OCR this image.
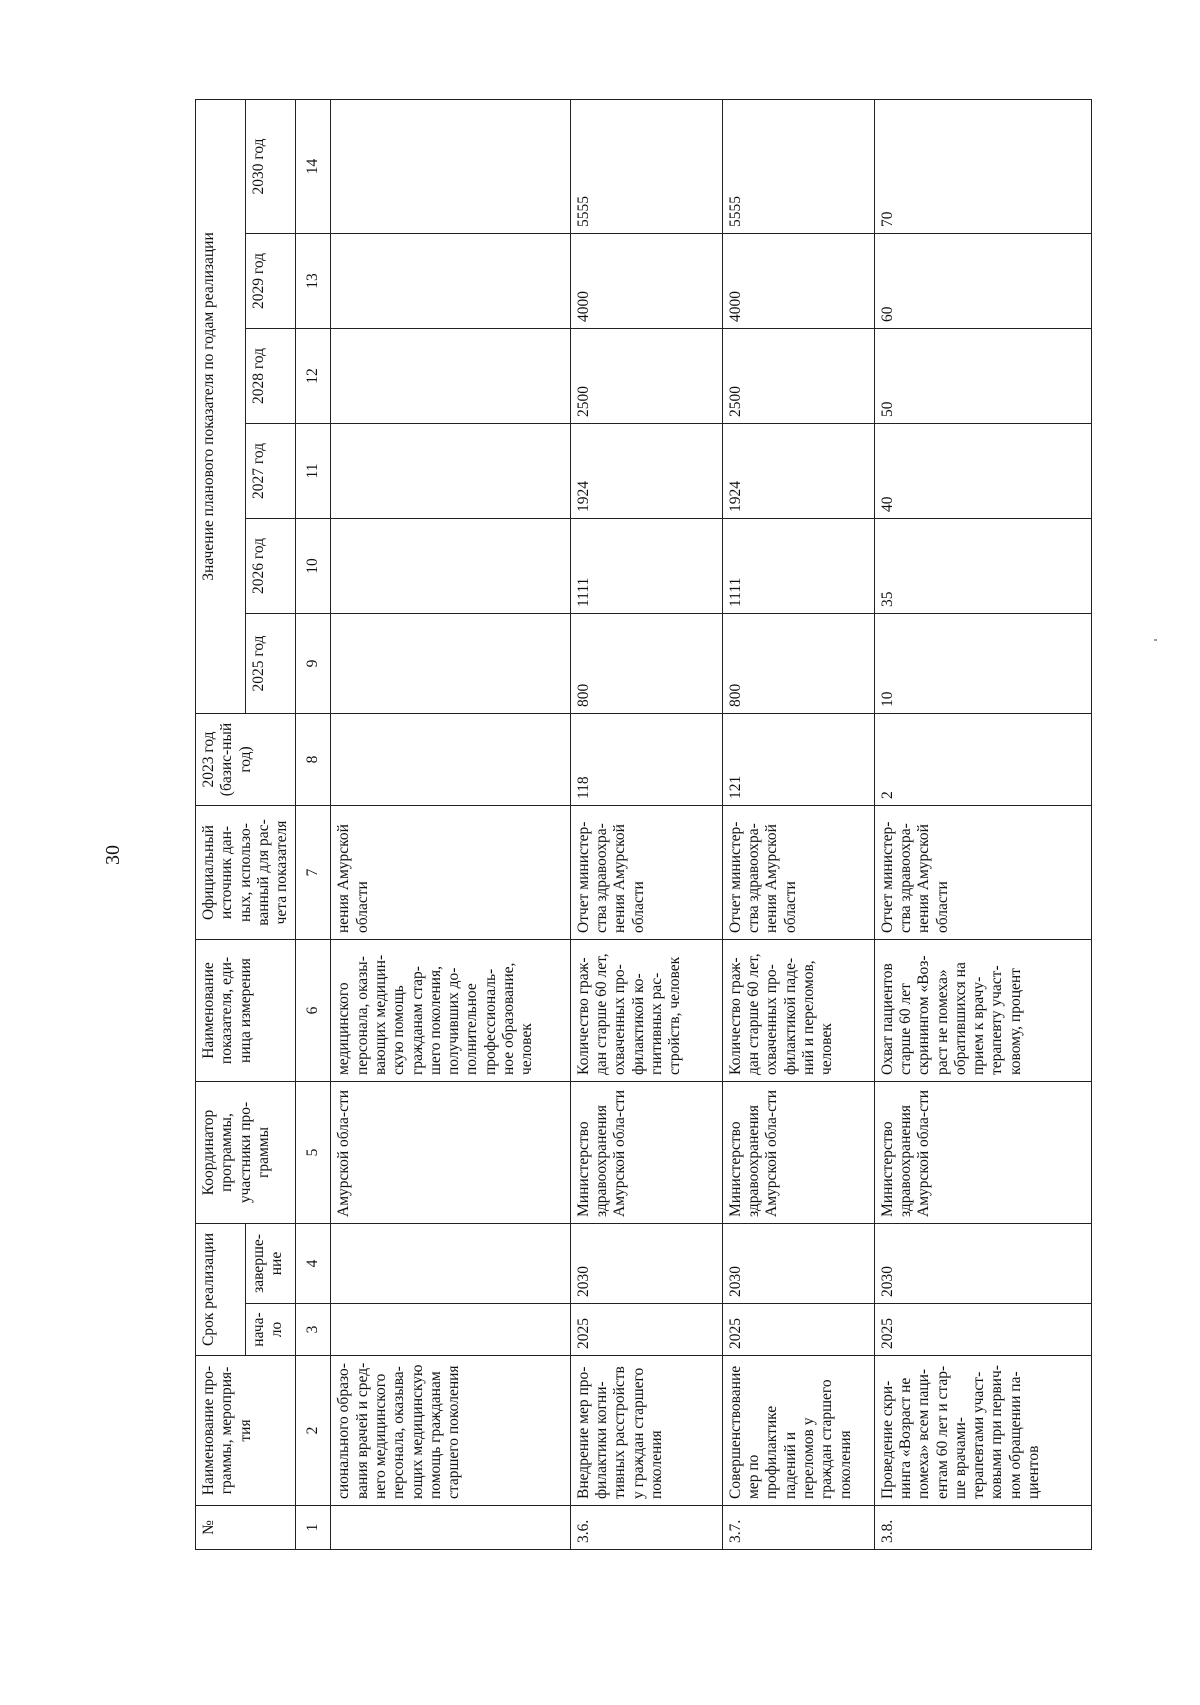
30
№	Наименование про-граммы, мероприя-тия	Срок реализации		Координатор программы, участники про-граммы	Наименование показателя, еди-ница измерения	Официальный источник дан-ных, использо-ванный для рас-чета показателя	2023 год (базис-ный год)	Значение планового показателя по годам реализации					
		нача-ло	заверше-ние					2025 год	2026 год	2027 год	2028 год	2029 год	2030 год
1	2	3	4	5	6	7	8	9	10	11	12	13	14
	сионального образо-вания врачей и сред-него медицинского персонала, оказыва-ющих медицинскую помощь гражданам старшего поколения			Амурской обла-сти	медицинского персонала, оказы-вающих медицин-скую помощь гражданам стар-шего поколения, получивших до-полнительное профессиональ-ное образование, человек	нения Амурской области							
3.6.	Внедрение мер про-филактики когни-тивных расстройств у граждан старшего поколения	2025	2030	Министерство здравоохранения Амурской обла-сти	Количество граж-дан старше 60 лет, охваченных про-филактикой ко-гнитивных рас-стройств, человек	Отчет министер-ства здравоохра-нения Амурской области	118	800	1111	1924	2500	4000	5555
3.7.	Совершенствование мер по профилактике падений и переломов у граждан старшего поколения	2025	2030	Министерство здравоохранения Амурской обла-сти	Количество граж-дан старше 60 лет, охваченных про-филактикой паде-ний и переломов, человек	Отчет министер-ства здравоохра-нения Амурской области	121	800	1111	1924	2500	4000	5555
3.8.	Проведение скри-нинга «Возраст не помеха» всем паци-ентам 60 лет и стар-ше врачами-терапевтами участ-ковыми при первич-ном обращении па-циентов	2025	2030	Министерство здравоохранения Амурской обла-сти	Охват пациентов старше 60 лет скринингом «Воз-раст не помеха» обратившихся на прием к врачу-терапевту участ-ковому, процент	Отчет министер-ства здравоохра-нения Амурской области	2	10	35	40	50	60	70
